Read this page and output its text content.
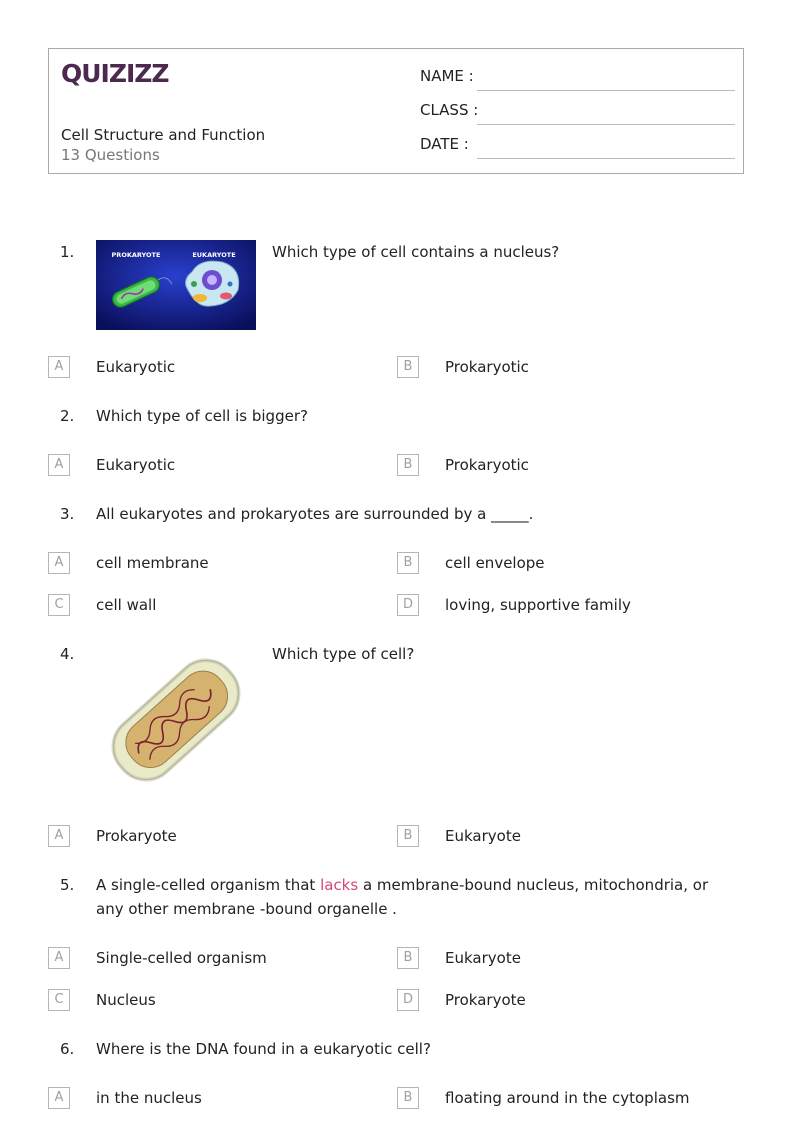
QUIZIZZ
Cell Structure and Function
13 Questions
NAME :
CLASS :
DATE :
1.	PROKARYOTE	EUKARYOTE Which type of cell contains a nucleus?
A	Eukaryotic	B	Prokaryotic
2. Which type of cell is bigger?
A	Eukaryotic	B	Prokaryotic
3. All eukaryotes and prokaryotes are surrounded by a _____.
A	cell membrane	B	cell envelope
C	cell wall	D	loving, supportive family
4.	Which type of cell?
A	Prokaryote	B	Eukaryote
5. A single-celled organism that lacks a membrane-bound nucleus, mitochondria, or any other membrane -bound organelle .
A	Single-celled organism	B	Eukaryote
C	Nucleus	D	Prokaryote
6. Where is the DNA found in a eukaryotic cell?
A	in the nucleus	B	floating around in the cytoplasm
